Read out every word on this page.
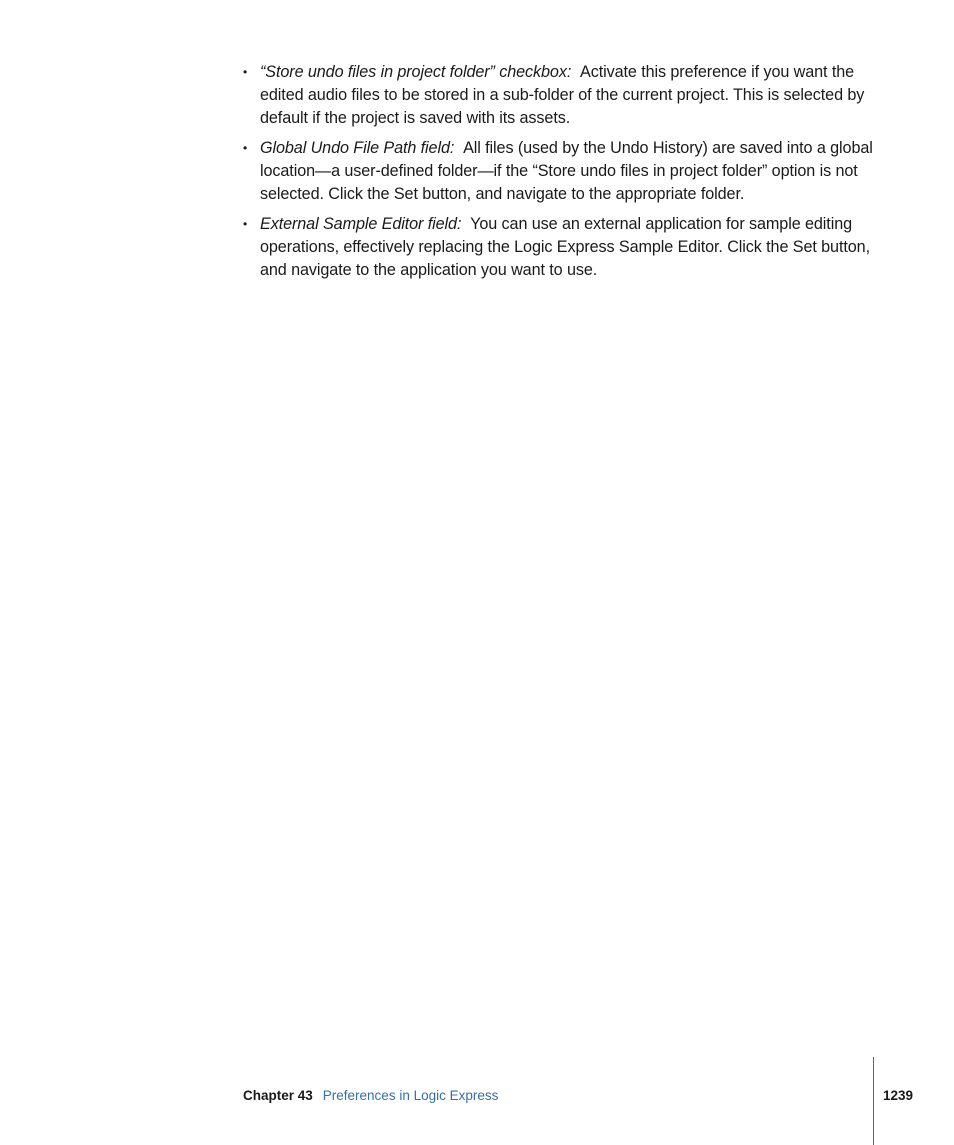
• “Store undo files in project folder” checkbox: Activate this preference if you want the edited audio files to be stored in a sub-folder of the current project. This is selected by default if the project is saved with its assets.
• Global Undo File Path field: All files (used by the Undo History) are saved into a global location—a user-defined folder—if the “Store undo files in project folder” option is not selected. Click the Set button, and navigate to the appropriate folder.
• External Sample Editor field: You can use an external application for sample editing operations, effectively replacing the Logic Express Sample Editor. Click the Set button, and navigate to the application you want to use.
Chapter 43 Preferences in Logic Express	1239
